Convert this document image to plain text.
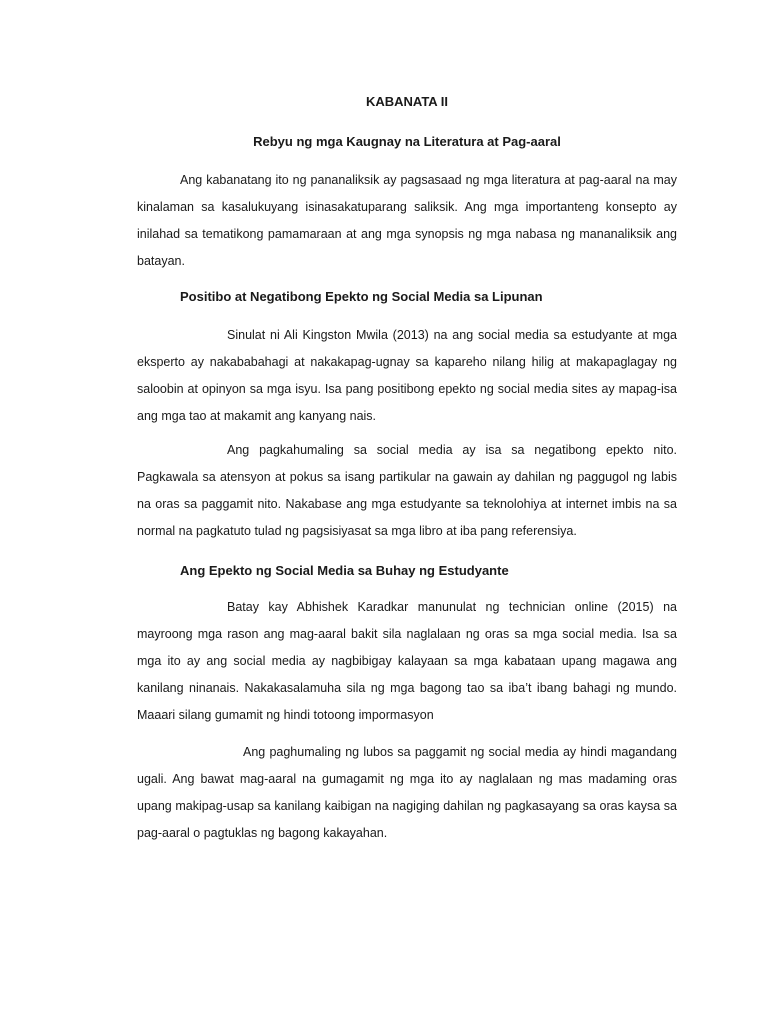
KABANATA II
Rebyu ng mga Kaugnay na Literatura at Pag-aaral

Ang kabanatang ito ng pananaliksik ay pagsasaad ng mga literatura at pag-aaral na may kinalaman sa kasalukuyang isinasakatuparang saliksik. Ang mga importanteng konsepto ay inilahad sa tematikong pamamaraan at ang mga synopsis ng mga nabasa ng mananaliksik ang batayan.

Positibo at Negatibong Epekto ng Social Media sa Lipunan

Sinulat ni Ali Kingston Mwila (2013) na ang social media sa estudyante at mga eksperto ay nakababahagi at nakakapag-ugnay sa kapareho nilang hilig at makapaglagay ng saloobin at opinyon sa mga isyu. Isa pang positibong epekto ng social media sites ay mapag-isa ang mga tao at makamit ang kanyang nais.

Ang pagkahumaling sa social media ay isa sa negatibong epekto nito. Pagkawala sa atensyon at pokus sa isang partikular na gawain ay dahilan ng paggugol ng labis na oras sa paggamit nito. Nakabase ang mga estudyante sa teknolohiya at internet imbis na sa normal na pagkatuto tulad ng pagsisiyasat sa mga libro at iba pang referensiya.

Ang Epekto ng Social Media sa Buhay ng Estudyante

Batay kay Abhishek Karadkar manunulat ng technician online (2015) na mayroong mga rason ang mag-aaral bakit sila naglalaan ng oras sa mga social media. Isa sa mga ito ay ang social media ay nagbibigay kalayaan sa mga kabataan upang magawa ang kanilang ninanais. Nakakasalamuha sila ng mga bagong tao sa iba’t ibang bahagi ng mundo. Maaari silang gumamit ng hindi totoong impormasyon

Ang paghumaling ng lubos sa paggamit ng social media ay hindi magandang ugali. Ang bawat mag-aaral na gumagamit ng mga ito ay naglalaan ng mas madaming oras upang makipag-usap sa kanilang kaibigan na nagiging dahilan ng pagkasayang sa oras kaysa sa pag-aaral o pagtuklas ng bagong kakayahan.
